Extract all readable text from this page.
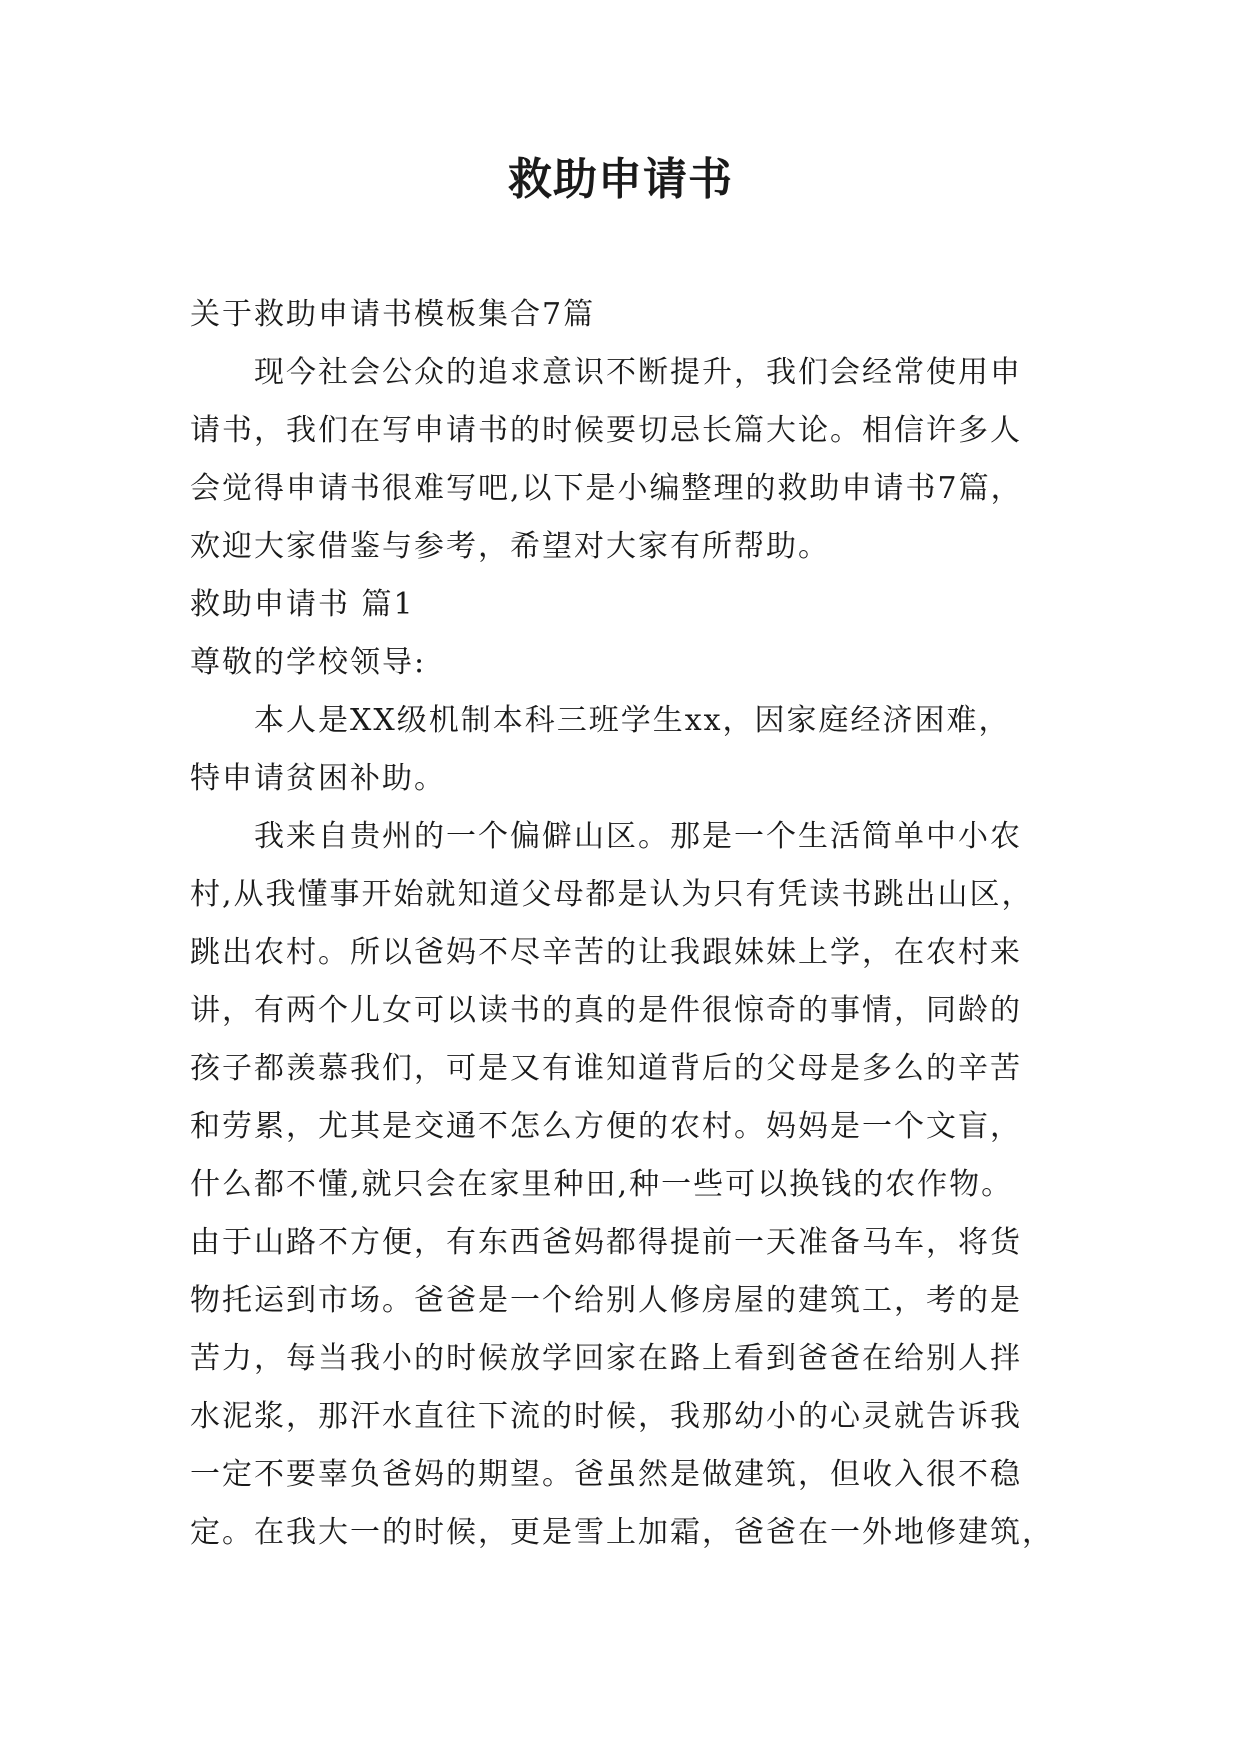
救助申请书
关于救助申请书模板集合7篇
现今社会公众的追求意识不断提升，我们会经常使用申
请书，我们在写申请书的时候要切忌长篇大论。相信许多人
会觉得申请书很难写吧,以下是小编整理的救助申请书7篇，
欢迎大家借鉴与参考，希望对大家有所帮助。
救助申请书 篇1
尊敬的学校领导:
本人是XX级机制本科三班学生xx，因家庭经济困难，
特申请贫困补助。
我来自贵州的一个偏僻山区。那是一个生活简单中小农
村,从我懂事开始就知道父母都是认为只有凭读书跳出山区，
跳出农村。所以爸妈不尽辛苦的让我跟妹妹上学，在农村来
讲，有两个儿女可以读书的真的是件很惊奇的事情，同龄的
孩子都羡慕我们，可是又有谁知道背后的父母是多么的辛苦
和劳累，尤其是交通不怎么方便的农村。妈妈是一个文盲，
什么都不懂,就只会在家里种田,种一些可以换钱的农作物。
由于山路不方便，有东西爸妈都得提前一天准备马车，将货
物托运到市场。爸爸是一个给别人修房屋的建筑工，考的是
苦力，每当我小的时候放学回家在路上看到爸爸在给别人拌
水泥浆，那汗水直往下流的时候，我那幼小的心灵就告诉我
一定不要辜负爸妈的期望。爸虽然是做建筑，但收入很不稳
定。在我大一的时候，更是雪上加霜，爸爸在一外地修建筑，
